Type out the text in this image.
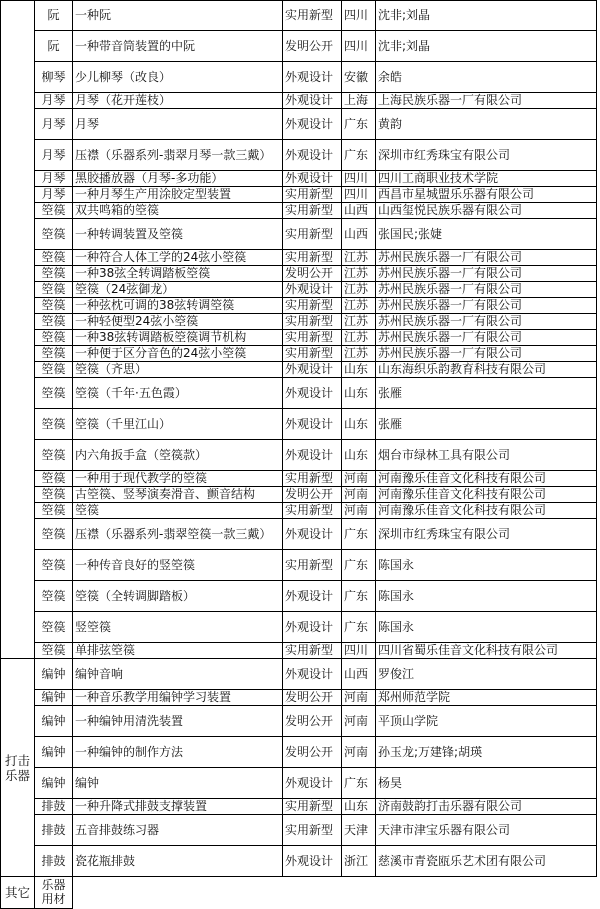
	阮	一种阮	实用新型	四川	沈非;刘晶
	阮	一种带音筒装置的中阮	发明公开	四川	沈非;刘晶
	柳琴	少儿柳琴（改良）	外观设计	安徽	余皓
	月琴	月琴（花开莲枝）	外观设计	上海	上海民族乐器一厂有限公司
	月琴	月琴	外观设计	广东	黄韵
	月琴	压襟（乐器系列-翡翠月琴一款三戴）	外观设计	广东	深圳市红秀珠宝有限公司
	月琴	黑胶播放器（月琴-多功能）	外观设计	四川	四川工商职业技术学院
	月琴	一种月琴生产用涂胶定型装置	实用新型	四川	西昌市星城盟乐乐器有限公司
	箜篌	双共鸣箱的箜篌	实用新型	山西	山西玺悦民族乐器有限公司
	箜篌	一种转调装置及箜篌	实用新型	山西	张国民;张婕
	箜篌	一种符合人体工学的24弦小箜篌	实用新型	江苏	苏州民族乐器一厂有限公司
	箜篌	一种38弦全转调踏板箜篌	发明公开	江苏	苏州民族乐器一厂有限公司
	箜篌	箜篌（24弦御龙）	外观设计	江苏	苏州民族乐器一厂有限公司
	箜篌	一种弦枕可调的38弦转调箜篌	实用新型	江苏	苏州民族乐器一厂有限公司
	箜篌	一种轻便型24弦小箜篌	实用新型	江苏	苏州民族乐器一厂有限公司
	箜篌	一种38弦转调踏板箜篌调节机构	实用新型	江苏	苏州民族乐器一厂有限公司
	箜篌	一种便于区分音色的24弦小箜篌	实用新型	江苏	苏州民族乐器一厂有限公司
	箜篌	箜篌（齐思）	外观设计	山东	山东海织乐韵教育科技有限公司
	箜篌	箜篌（千年·五色霞）	外观设计	山东	张雁
	箜篌	箜篌（千里江山）	外观设计	山东	张雁
	箜篌	内六角扳手盒（箜篌款）	外观设计	山东	烟台市绿林工具有限公司
	箜篌	一种用于现代教学的箜篌	实用新型	河南	河南豫乐佳音文化科技有限公司
	箜篌	古箜篌、竖琴演奏滑音、颤音结构	发明公开	河南	河南豫乐佳音文化科技有限公司
	箜篌	箜篌	实用新型	河南	河南豫乐佳音文化科技有限公司
	箜篌	压襟（乐器系列-翡翠箜篌一款三戴）	外观设计	广东	深圳市红秀珠宝有限公司
	箜篌	一种传音良好的竖箜篌	实用新型	广东	陈国永
	箜篌	箜篌（全转调脚踏板）	外观设计	广东	陈国永
	箜篌	竖箜篌	外观设计	广东	陈国永
	箜篌	单排弦箜篌	实用新型	四川	四川省蜀乐佳音文化科技有限公司
打击乐器	编钟	编钟音响	外观设计	山西	罗俊江
	编钟	一种音乐教学用编钟学习装置	发明公开	河南	郑州师范学院
	编钟	一种编钟用清洗装置	发明公开	河南	平顶山学院
	编钟	一种编钟的制作方法	发明公开	河南	孙玉龙;万建锋;胡瑛
	编钟	编钟	外观设计	广东	杨昊
	排鼓	一种升降式排鼓支撑装置	实用新型	山东	济南鼓韵打击乐器有限公司
	排鼓	五音排鼓练习器	实用新型	天津	天津市津宝乐器有限公司
	排鼓	瓷花瓶排鼓	外观设计	浙江	慈溪市青瓷瓯乐艺术团有限公司
其它	乐器用材				
